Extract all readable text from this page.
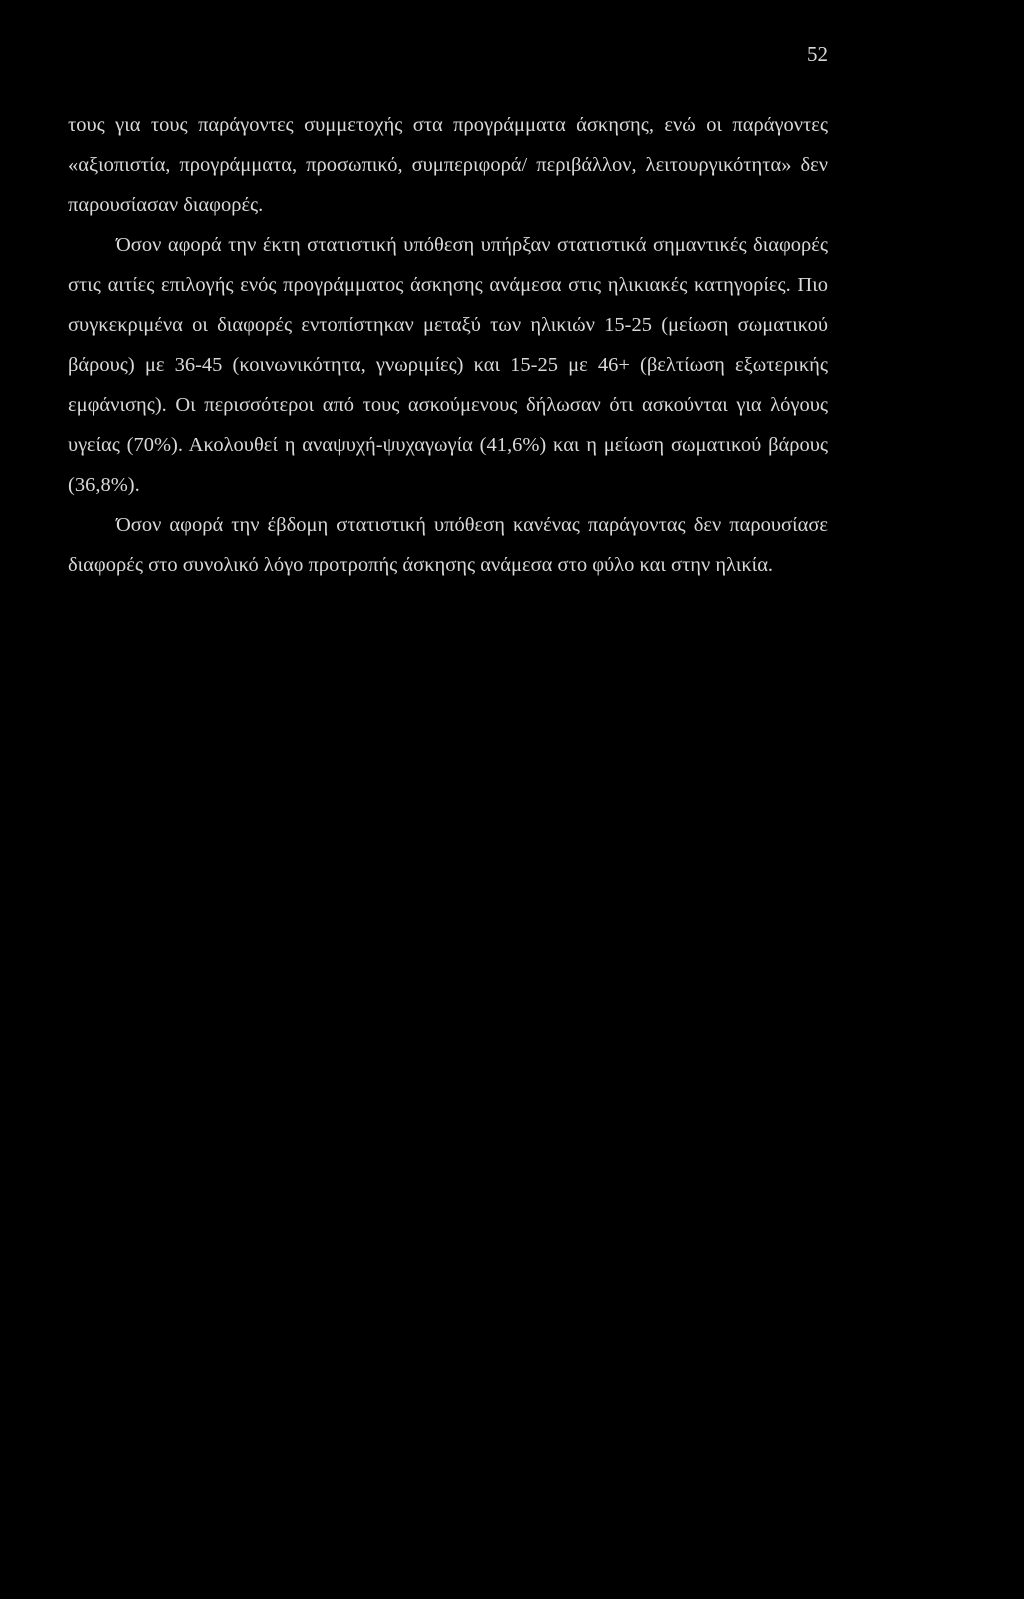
52

τους για τους παράγοντες συμμετοχής στα προγράμματα άσκησης, ενώ οι παράγοντες «αξιοπιστία, προγράμματα, προσωπικό, συμπεριφορά/ περιβάλλον, λειτουργικότητα» δεν παρουσίασαν διαφορές.

Όσον αφορά την έκτη στατιστική υπόθεση υπήρξαν στατιστικά σημαντικές διαφορές στις αιτίες επιλογής ενός προγράμματος άσκησης ανάμεσα στις ηλικιακές κατηγορίες. Πιο συγκεκριμένα οι διαφορές εντοπίστηκαν μεταξύ των ηλικιών 15-25 (μείωση σωματικού βάρους) με 36-45 (κοινωνικότητα, γνωριμίες) και 15-25 με 46+ (βελτίωση εξωτερικής εμφάνισης). Οι περισσότεροι από τους ασκούμενους δήλωσαν ότι ασκούνται για λόγους υγείας (70%). Ακολουθεί η αναψυχή-ψυχαγωγία (41,6%) και η μείωση σωματικού βάρους (36,8%).

Όσον αφορά την έβδομη στατιστική υπόθεση κανένας παράγοντας δεν παρουσίασε διαφορές στο συνολικό λόγο προτροπής άσκησης ανάμεσα στο φύλο και στην ηλικία.
